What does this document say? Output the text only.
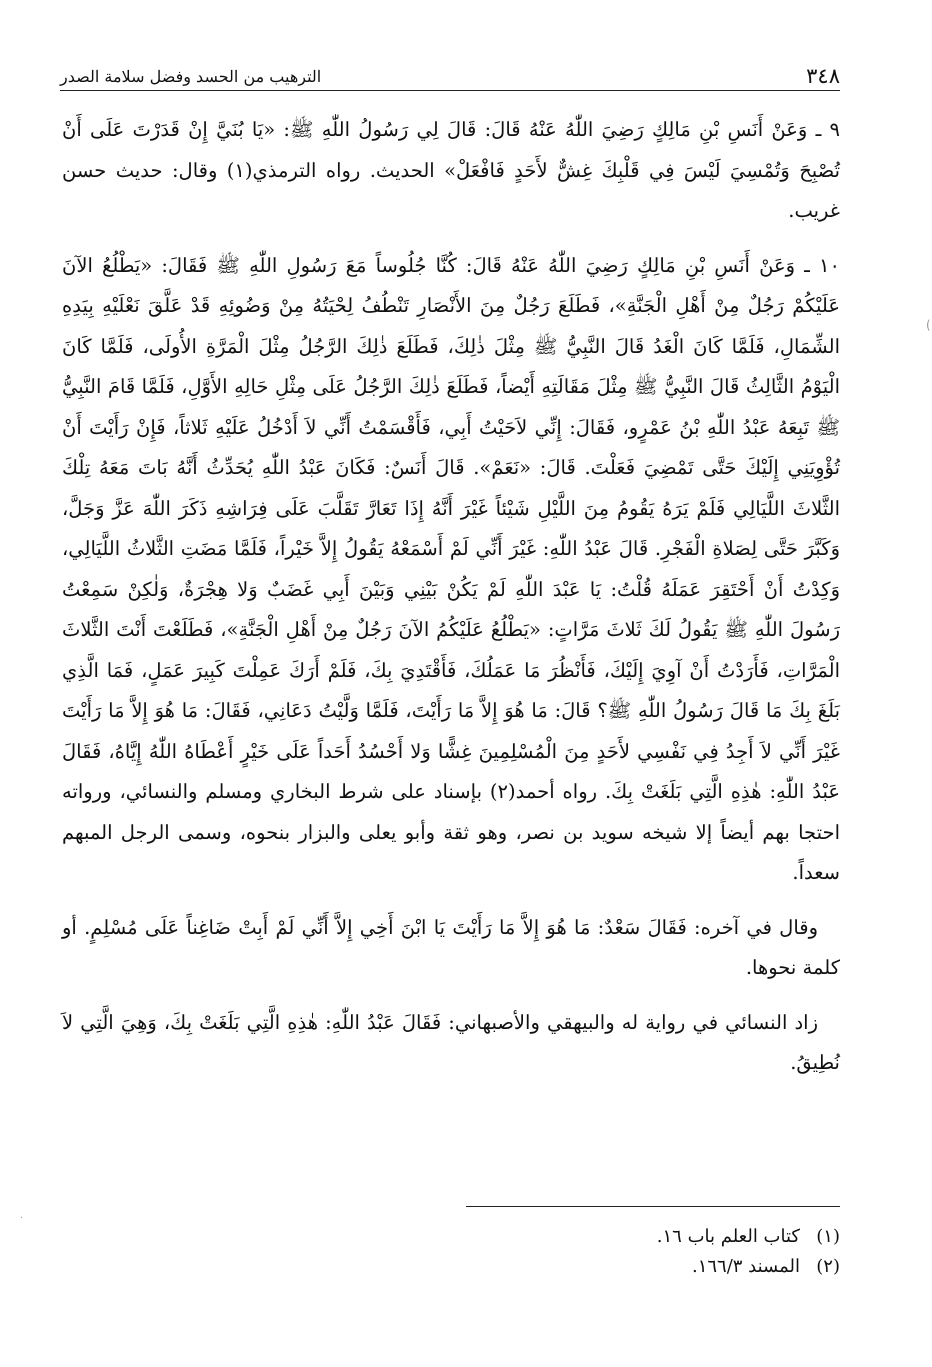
٣٤٨
الترهيب من الحسد وفضل سلامة الصدر

٩ ـ وَعَنْ أَنَسِ بْنِ مَالِكٍ رَضِيَ اللّٰهُ عَنْهُ قَالَ: قَالَ لِي رَسُولُ اللّٰهِ ﷺ: «يَا بُنَيَّ إِنْ قَدَرْتَ عَلَى أَنْ تُصْبِحَ وَتُمْسِيَ لَيْسَ فِي قَلْبِكَ غِشٌّ لأَحَدٍ فَافْعَلْ» الحديث. رواه الترمذي(١) وقال: حديث حسن غريب.

١٠ ـ وَعَنْ أَنَسِ بْنِ مَالِكٍ رَضِيَ اللّٰهُ عَنْهُ قَالَ: كُنَّا جُلُوساً مَعَ رَسُولِ اللّٰهِ ﷺ فَقَالَ: «يَطْلُعُ الآنَ عَلَيْكُمْ رَجُلٌ مِنْ أَهْلِ الْجَنَّةِ»، فَطَلَعَ رَجُلٌ مِنَ الأَنْصَارِ تَنْطُفُ لِحْيَتُهُ مِنْ وَضُوئِهِ قَدْ عَلَّقَ نَعْلَيْهِ بِيَدِهِ الشِّمَالِ، فَلَمَّا كَانَ الْغَدُ قَالَ النَّبِيُّ ﷺ مِثْلَ ذٰلِكَ، فَطَلَعَ ذٰلِكَ الرَّجُلُ مِثْلَ الْمَرَّةِ الأُولَى، فَلَمَّا كَانَ الْيَوْمُ الثَّالِثُ قَالَ النَّبِيُّ ﷺ مِثْلَ مَقَالَتِهِ أَيْضاً، فَطَلَعَ ذٰلِكَ الرَّجُلُ عَلَى مِثْلِ حَالِهِ الأَوَّلِ، فَلَمَّا قَامَ النَّبِيُّ ﷺ تَبِعَهُ عَبْدُ اللّٰهِ بْنُ عَمْرٍو، فَقَالَ: إِنِّي لاَحَيْتُ أَبِي، فَأَقْسَمْتُ أَنِّي لاَ أَدْخُلُ عَلَيْهِ ثَلاثاً، فَإِنْ رَأَيْتَ أَنْ تُؤْوِيَنِي إِلَيْكَ حَتَّى تَمْضِيَ فَعَلْتَ. قَالَ: «نَعَمْ». قَالَ أَنَسٌ: فَكَانَ عَبْدُ اللّٰهِ يُحَدِّثُ أَنَّهُ بَاتَ مَعَهُ تِلْكَ الثَّلاثَ اللَّيَالِي فَلَمْ يَرَهُ يَقُومُ مِنَ اللَّيْلِ شَيْئاً غَيْرَ أَنَّهُ إِذَا تَعَارَّ تَقَلَّبَ عَلَى فِرَاشِهِ ذَكَرَ اللّٰهَ عَزَّ وَجَلَّ، وَكَبَّرَ حَتَّى لِصَلاةِ الْفَجْرِ. قَالَ عَبْدُ اللّٰهِ: غَيْرَ أَنِّي لَمْ أَسْمَعْهُ يَقُولُ إِلاَّ خَيْراً، فَلَمَّا مَضَتِ الثَّلاثُ اللَّيَالِي، وَكِدْتُ أَنْ أَحْتَقِرَ عَمَلَهُ قُلْتُ: يَا عَبْدَ اللّٰهِ لَمْ يَكُنْ بَيْنِي وَبَيْنَ أَبِي غَضَبٌ وَلا هِجْرَةٌ، وَلٰكِنْ سَمِعْتُ رَسُولَ اللّٰهِ ﷺ يَقُولُ لَكَ ثَلاثَ مَرَّاتٍ: «يَطْلُعُ عَلَيْكُمُ الآنَ رَجُلٌ مِنْ أَهْلِ الْجَنَّةِ»، فَطَلَعْتَ أَنْتَ الثَّلاثَ الْمَرَّاتِ، فَأَرَدْتُ أَنْ آوِيَ إِلَيْكَ، فَأَنْظُرَ مَا عَمَلُكَ، فَأَقْتَدِيَ بِكَ، فَلَمْ أَرَكَ عَمِلْتَ كَبِيرَ عَمَلٍ، فَمَا الَّذِي بَلَغَ بِكَ مَا قَالَ رَسُولُ اللّٰهِ ﷺ؟ قَالَ: مَا هُوَ إِلاَّ مَا رَأَيْتَ، فَلَمَّا وَلَّيْتُ دَعَانِي، فَقَالَ: مَا هُوَ إِلاَّ مَا رَأَيْتَ غَيْرَ أَنِّي لاَ أَجِدُ فِي نَفْسِي لأَحَدٍ مِنَ الْمُسْلِمِينَ غِشًّا وَلا أَحْسُدُ أَحَداً عَلَى خَيْرٍ أَعْطَاهُ اللّٰهُ إِيَّاهُ، فَقَالَ عَبْدُ اللّٰهِ: هٰذِهِ الَّتِي بَلَغَتْ بِكَ. رواه أحمد(٢) بإسناد على شرط البخاري ومسلم والنسائي، ورواته احتجا بهم أيضاً إلا شيخه سويد بن نصر، وهو ثقة وأبو يعلى والبزار بنحوه، وسمى الرجل المبهم سعداً.

وقال في آخره: فَقَالَ سَعْدٌ: مَا هُوَ إِلاَّ مَا رَأَيْتَ يَا ابْنَ أَخِي إِلاَّ أَنِّي لَمْ أَبِتْ ضَاغِناً عَلَى مُسْلِمٍ. أو كلمة نحوها.

زاد النسائي في رواية له والبيهقي والأصبهاني: فَقَالَ عَبْدُ اللّٰهِ: هٰذِهِ الَّتِي بَلَغَتْ بِكَ، وَهِيَ الَّتِي لاَ نُطِيقُ.

(١)كتاب العلم باب ١٦.

(٢)المسند ١٦٦/٣.

)
.
